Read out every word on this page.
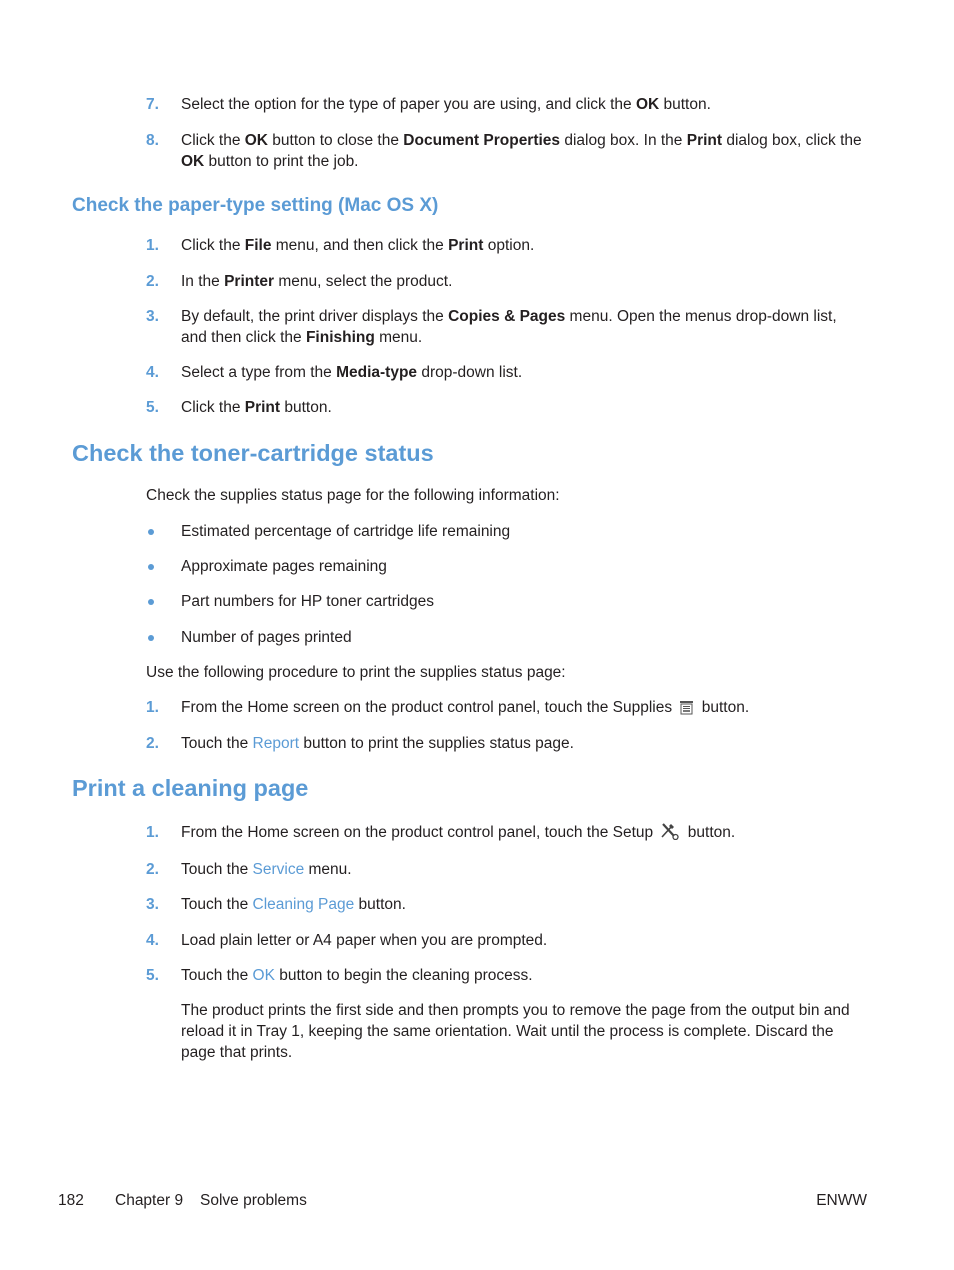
7. Select the option for the type of paper you are using, and click the OK button.
8. Click the OK button to close the Document Properties dialog box. In the Print dialog box, click the OK button to print the job.
Check the paper-type setting (Mac OS X)
1. Click the File menu, and then click the Print option.
2. In the Printer menu, select the product.
3. By default, the print driver displays the Copies & Pages menu. Open the menus drop-down list, and then click the Finishing menu.
4. Select a type from the Media-type drop-down list.
5. Click the Print button.
Check the toner-cartridge status
Check the supplies status page for the following information:
Estimated percentage of cartridge life remaining
Approximate pages remaining
Part numbers for HP toner cartridges
Number of pages printed
Use the following procedure to print the supplies status page:
1. From the Home screen on the product control panel, touch the Supplies  button.
2. Touch the Report button to print the supplies status page.
Print a cleaning page
1. From the Home screen on the product control panel, touch the Setup  button.
2. Touch the Service menu.
3. Touch the Cleaning Page button.
4. Load plain letter or A4 paper when you are prompted.
5. Touch the OK button to begin the cleaning process.
The product prints the first side and then prompts you to remove the page from the output bin and reload it in Tray 1, keeping the same orientation. Wait until the process is complete. Discard the page that prints.
182 Chapter 9 Solve problems	ENWW
